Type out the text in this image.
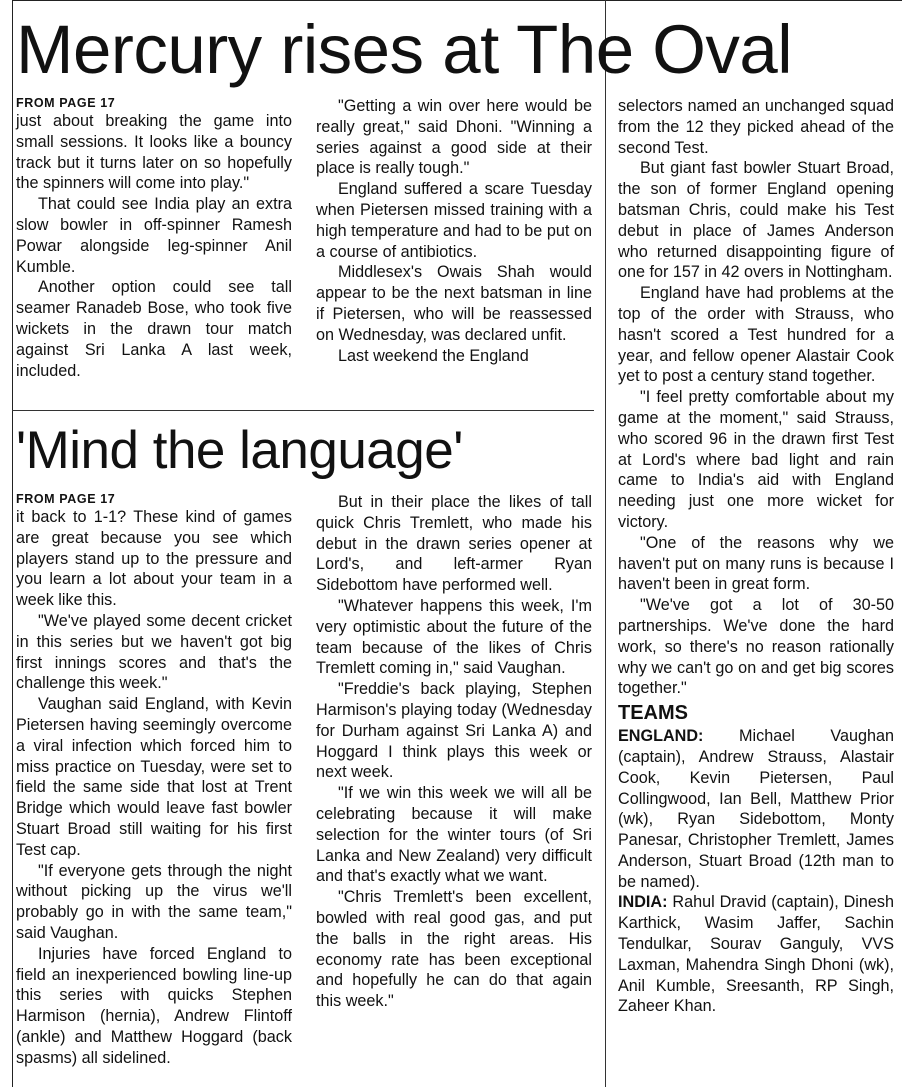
Mercury rises at The Oval
FROM PAGE 17

just about breaking the game into small sessions. It looks like a bouncy track but it turns later on so hopefully the spinners will come into play."

That could see India play an extra slow bowler in off-spinner Ramesh Powar alongside leg-spinner Anil Kumble.

Another option could see tall seamer Ranadeb Bose, who took five wickets in the drawn tour match against Sri Lanka A last week, included.

"Getting a win over here would be really great," said Dhoni. "Winning a series against a good side at their place is really tough."

England suffered a scare Tuesday when Pietersen missed training with a high temperature and had to be put on a course of antibiotics.

Middlesex's Owais Shah would appear to be the next batsman in line if Pietersen, who will be reassessed on Wednesday, was declared unfit.

Last weekend the England

selectors named an unchanged squad from the 12 they picked ahead of the second Test.

But giant fast bowler Stuart Broad, the son of former England opening batsman Chris, could make his Test debut in place of James Anderson who returned disappointing figure of one for 157 in 42 overs in Nottingham.

England have had problems at the top of the order with Strauss, who hasn't scored a Test hundred for a year, and fellow opener Alastair Cook yet to post a century stand together.

"I feel pretty comfortable about my game at the moment," said Strauss, who scored 96 in the drawn first Test at Lord's where bad light and rain came to India's aid with England needing just one more wicket for victory.

"One of the reasons why we haven't put on many runs is because I haven't been in great form.

"We've got a lot of 30-50 partnerships. We've done the hard work, so there's no reason rationally why we can't go on and get big scores together."

TEAMS

ENGLAND: Michael Vaughan (captain), Andrew Strauss, Alastair Cook, Kevin Pietersen, Paul Collingwood, Ian Bell, Matthew Prior (wk), Ryan Sidebottom, Monty Panesar, Christopher Tremlett, James Anderson, Stuart Broad (12th man to be named).

INDIA: Rahul Dravid (captain), Dinesh Karthick, Wasim Jaffer, Sachin Tendulkar, Sourav Ganguly, VVS Laxman, Mahendra Singh Dhoni (wk), Anil Kumble, Sreesanth, RP Singh, Zaheer Khan.

'Mind the language'
FROM PAGE 17

it back to 1-1? These kind of games are great because you see which players stand up to the pressure and you learn a lot about your team in a week like this.

"We've played some decent cricket in this series but we haven't got big first innings scores and that's the challenge this week."

Vaughan said England, with Kevin Pietersen having seemingly overcome a viral infection which forced him to miss practice on Tuesday, were set to field the same side that lost at Trent Bridge which would leave fast bowler Stuart Broad still waiting for his first Test cap.

"If everyone gets through the night without picking up the virus we'll probably go in with the same team," said Vaughan.

Injuries have forced England to field an inexperienced bowling line-up this series with quicks Stephen Harmison (hernia), Andrew Flintoff (ankle) and Matthew Hoggard (back spasms) all sidelined.

But in their place the likes of tall quick Chris Tremlett, who made his debut in the drawn series opener at Lord's, and left-armer Ryan Sidebottom have performed well.

"Whatever happens this week, I'm very optimistic about the future of the team because of the likes of Chris Tremlett coming in," said Vaughan.

"Freddie's back playing, Stephen Harmison's playing today (Wednesday for Durham against Sri Lanka A) and Hoggard I think plays this week or next week.

"If we win this week we will all be celebrating because it will make selection for the winter tours (of Sri Lanka and New Zealand) very difficult and that's exactly what we want.

"Chris Tremlett's been excellent, bowled with real good gas, and put the balls in the right areas. His economy rate has been exceptional and hopefully he can do that again this week."
